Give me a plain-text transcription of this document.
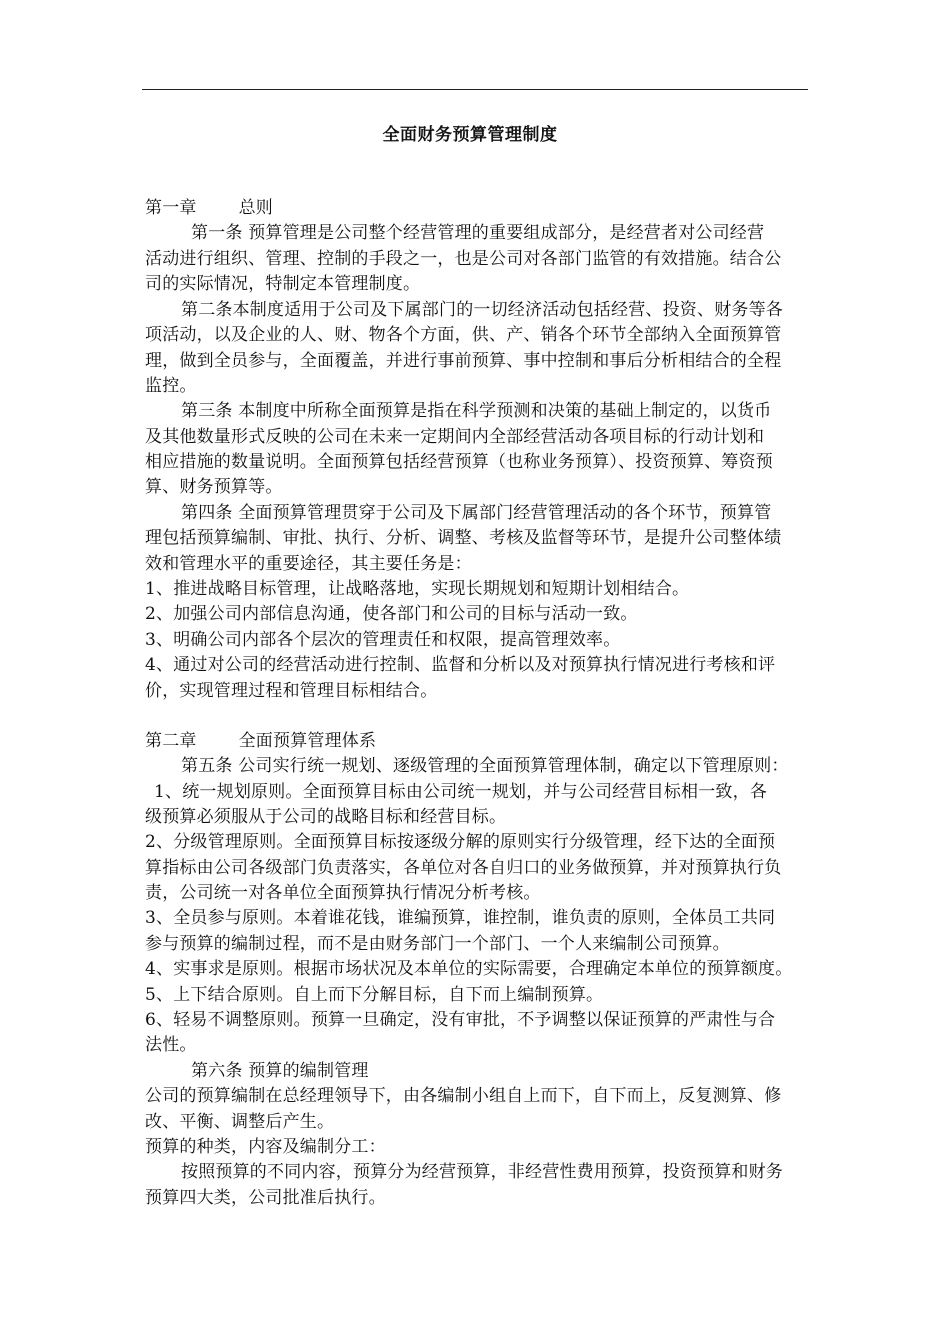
全面财务预算管理制度
第一章 总则
第一条 预算管理是公司整个经营管理的重要组成部分，是经营者对公司经营
活动进行组织、管理、控制的手段之一，也是公司对各部门监管的有效措施。结合公
司的实际情况，特制定本管理制度。
第二条本制度适用于公司及下属部门的一切经济活动包括经营、投资、财务等各
项活动，以及企业的人、财、物各个方面，供、产、销各个环节全部纳入全面预算管
理，做到全员参与，全面覆盖，并进行事前预算、事中控制和事后分析相结合的全程
监控。
第三条 本制度中所称全面预算是指在科学预测和决策的基础上制定的，以货币
及其他数量形式反映的公司在未来一定期间内全部经营活动各项目标的行动计划和
相应措施的数量说明。全面预算包括经营预算（也称业务预算）、投资预算、筹资预
算、财务预算等。
第四条 全面预算管理贯穿于公司及下属部门经营管理活动的各个环节，预算管
理包括预算编制、审批、执行、分析、调整、考核及监督等环节，是提升公司整体绩
效和管理水平的重要途径，其主要任务是：
1、推进战略目标管理，让战略落地，实现长期规划和短期计划相结合。
2、加强公司内部信息沟通，使各部门和公司的目标与活动一致。
3、明确公司内部各个层次的管理责任和权限，提高管理效率。
4、通过对公司的经营活动进行控制、监督和分析以及对预算执行情况进行考核和评
价，实现管理过程和管理目标相结合。
第二章 全面预算管理体系
第五条 公司实行统一规划、逐级管理的全面预算管理体制，确定以下管理原则：
1、统一规划原则。全面预算目标由公司统一规划，并与公司经营目标相一致，各
级预算必须服从于公司的战略目标和经营目标。
2、分级管理原则。全面预算目标按逐级分解的原则实行分级管理，经下达的全面预
算指标由公司各级部门负责落实，各单位对各自归口的业务做预算，并对预算执行负
责，公司统一对各单位全面预算执行情况分析考核。
3、全员参与原则。本着谁花钱，谁编预算，谁控制，谁负责的原则，全体员工共同
参与预算的编制过程，而不是由财务部门一个部门、一个人来编制公司预算。
4、实事求是原则。根据市场状况及本单位的实际需要，合理确定本单位的预算额度。
5、上下结合原则。自上而下分解目标，自下而上编制预算。
6、轻易不调整原则。预算一旦确定，没有审批，不予调整以保证预算的严肃性与合
法性。
第六条 预算的编制管理
公司的预算编制在总经理领导下，由各编制小组自上而下，自下而上，反复测算、修
改、平衡、调整后产生。
预算的种类，内容及编制分工：
按照预算的不同内容，预算分为经营预算，非经营性费用预算，投资预算和财务
预算四大类，公司批准后执行。
